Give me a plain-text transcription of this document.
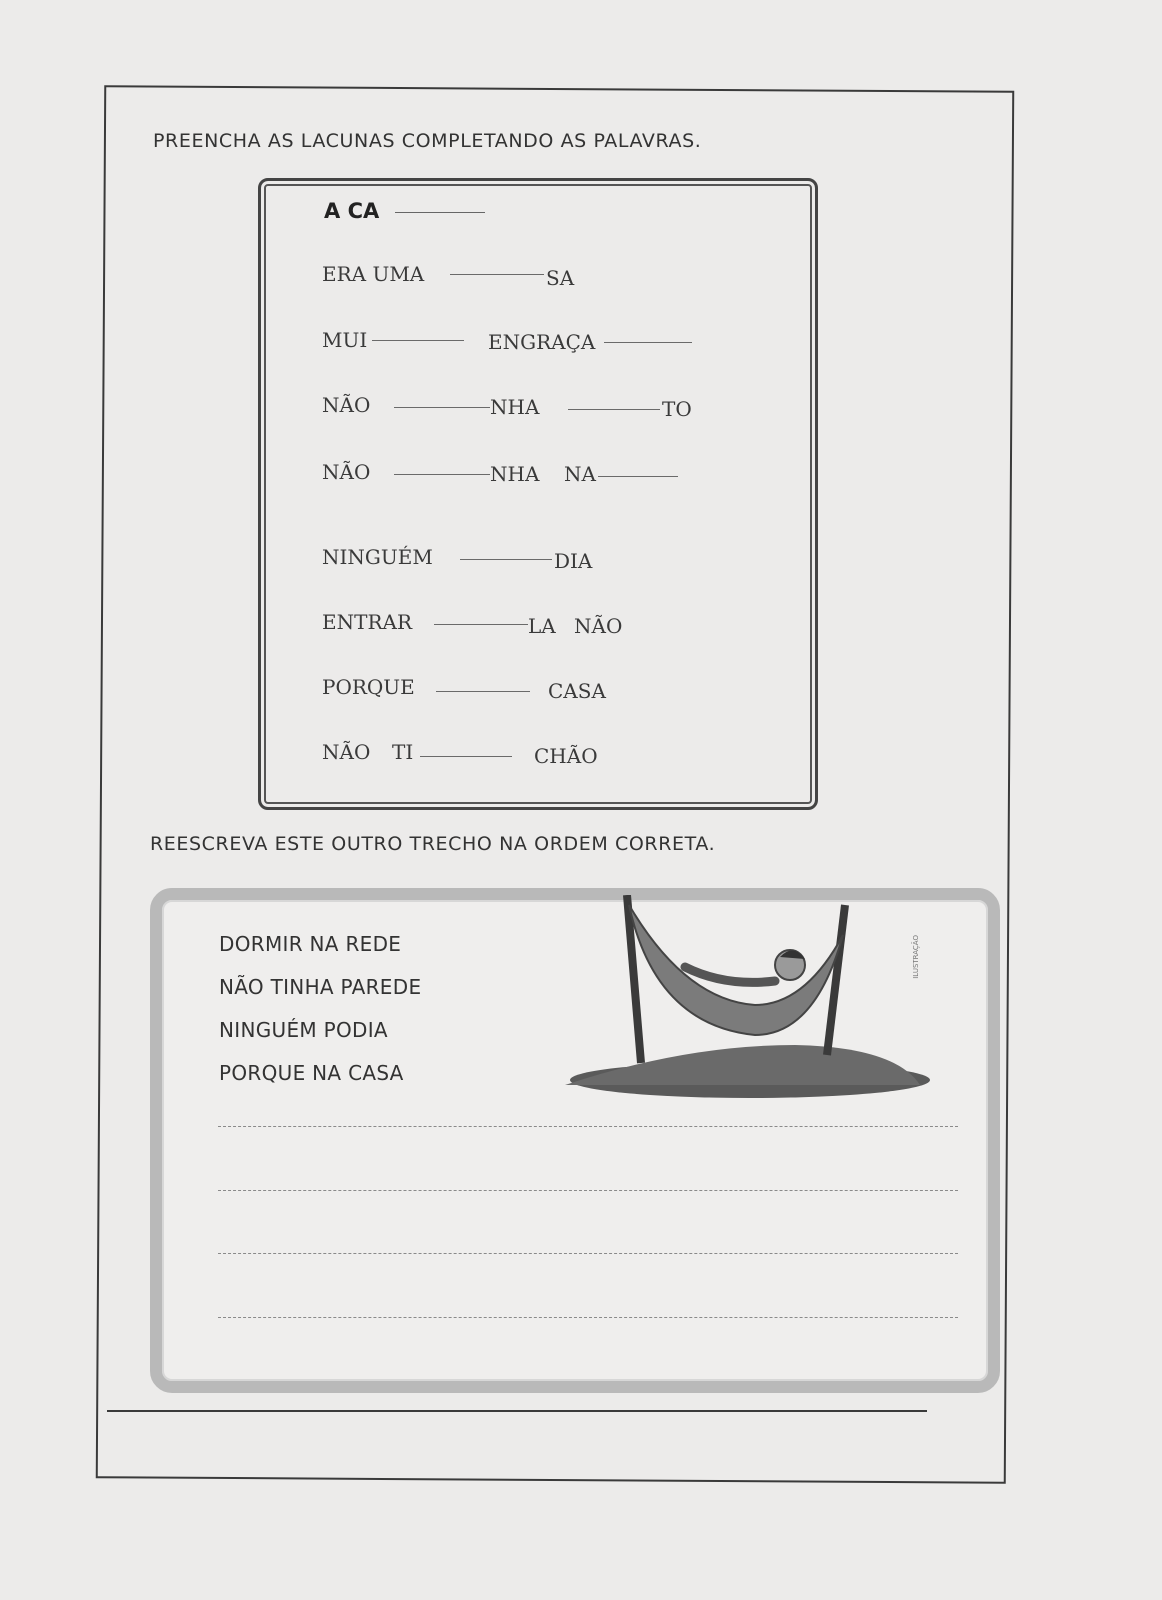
PREENCHA AS LACUNAS COMPLETANDO AS PALAVRAS.
A CA
ERA UMA	SA
MUI	ENGRAÇA
NÃO	NHA	TO
NÃO	NHA NA
NINGUÉM	DIA
ENTRAR	LA NÃO
PORQUE	CASA
NÃO TI	CHÃO
REESCREVA ESTE OUTRO TRECHO NA ORDEM CORRETA.
DORMIR NA REDE
NÃO TINHA PAREDE
NINGUÉM PODIA
PORQUE NA CASA
ILUSTRAÇÃO
